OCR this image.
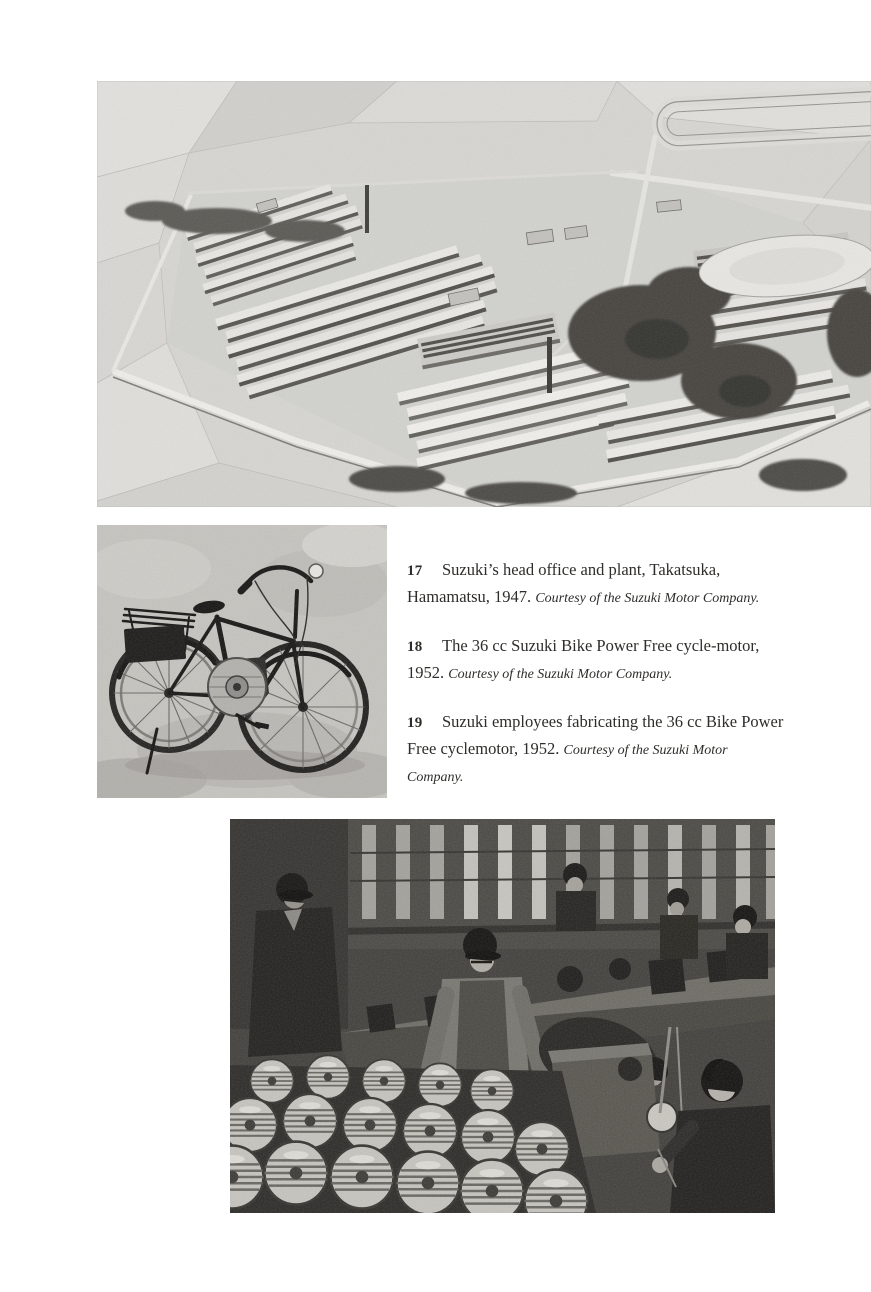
17 Suzuki’s head office and plant, Takatsuka, Hamamatsu, 1947. Courtesy of the Suzuki Motor Company.

18 The 36 cc Suzuki Bike Power Free cycle-motor, 1952. Courtesy of the Suzuki Motor Company.

19 Suzuki employees fabricating the 36 cc Bike Power Free cyclemotor, 1952. Courtesy of the Suzuki Motor Company.
